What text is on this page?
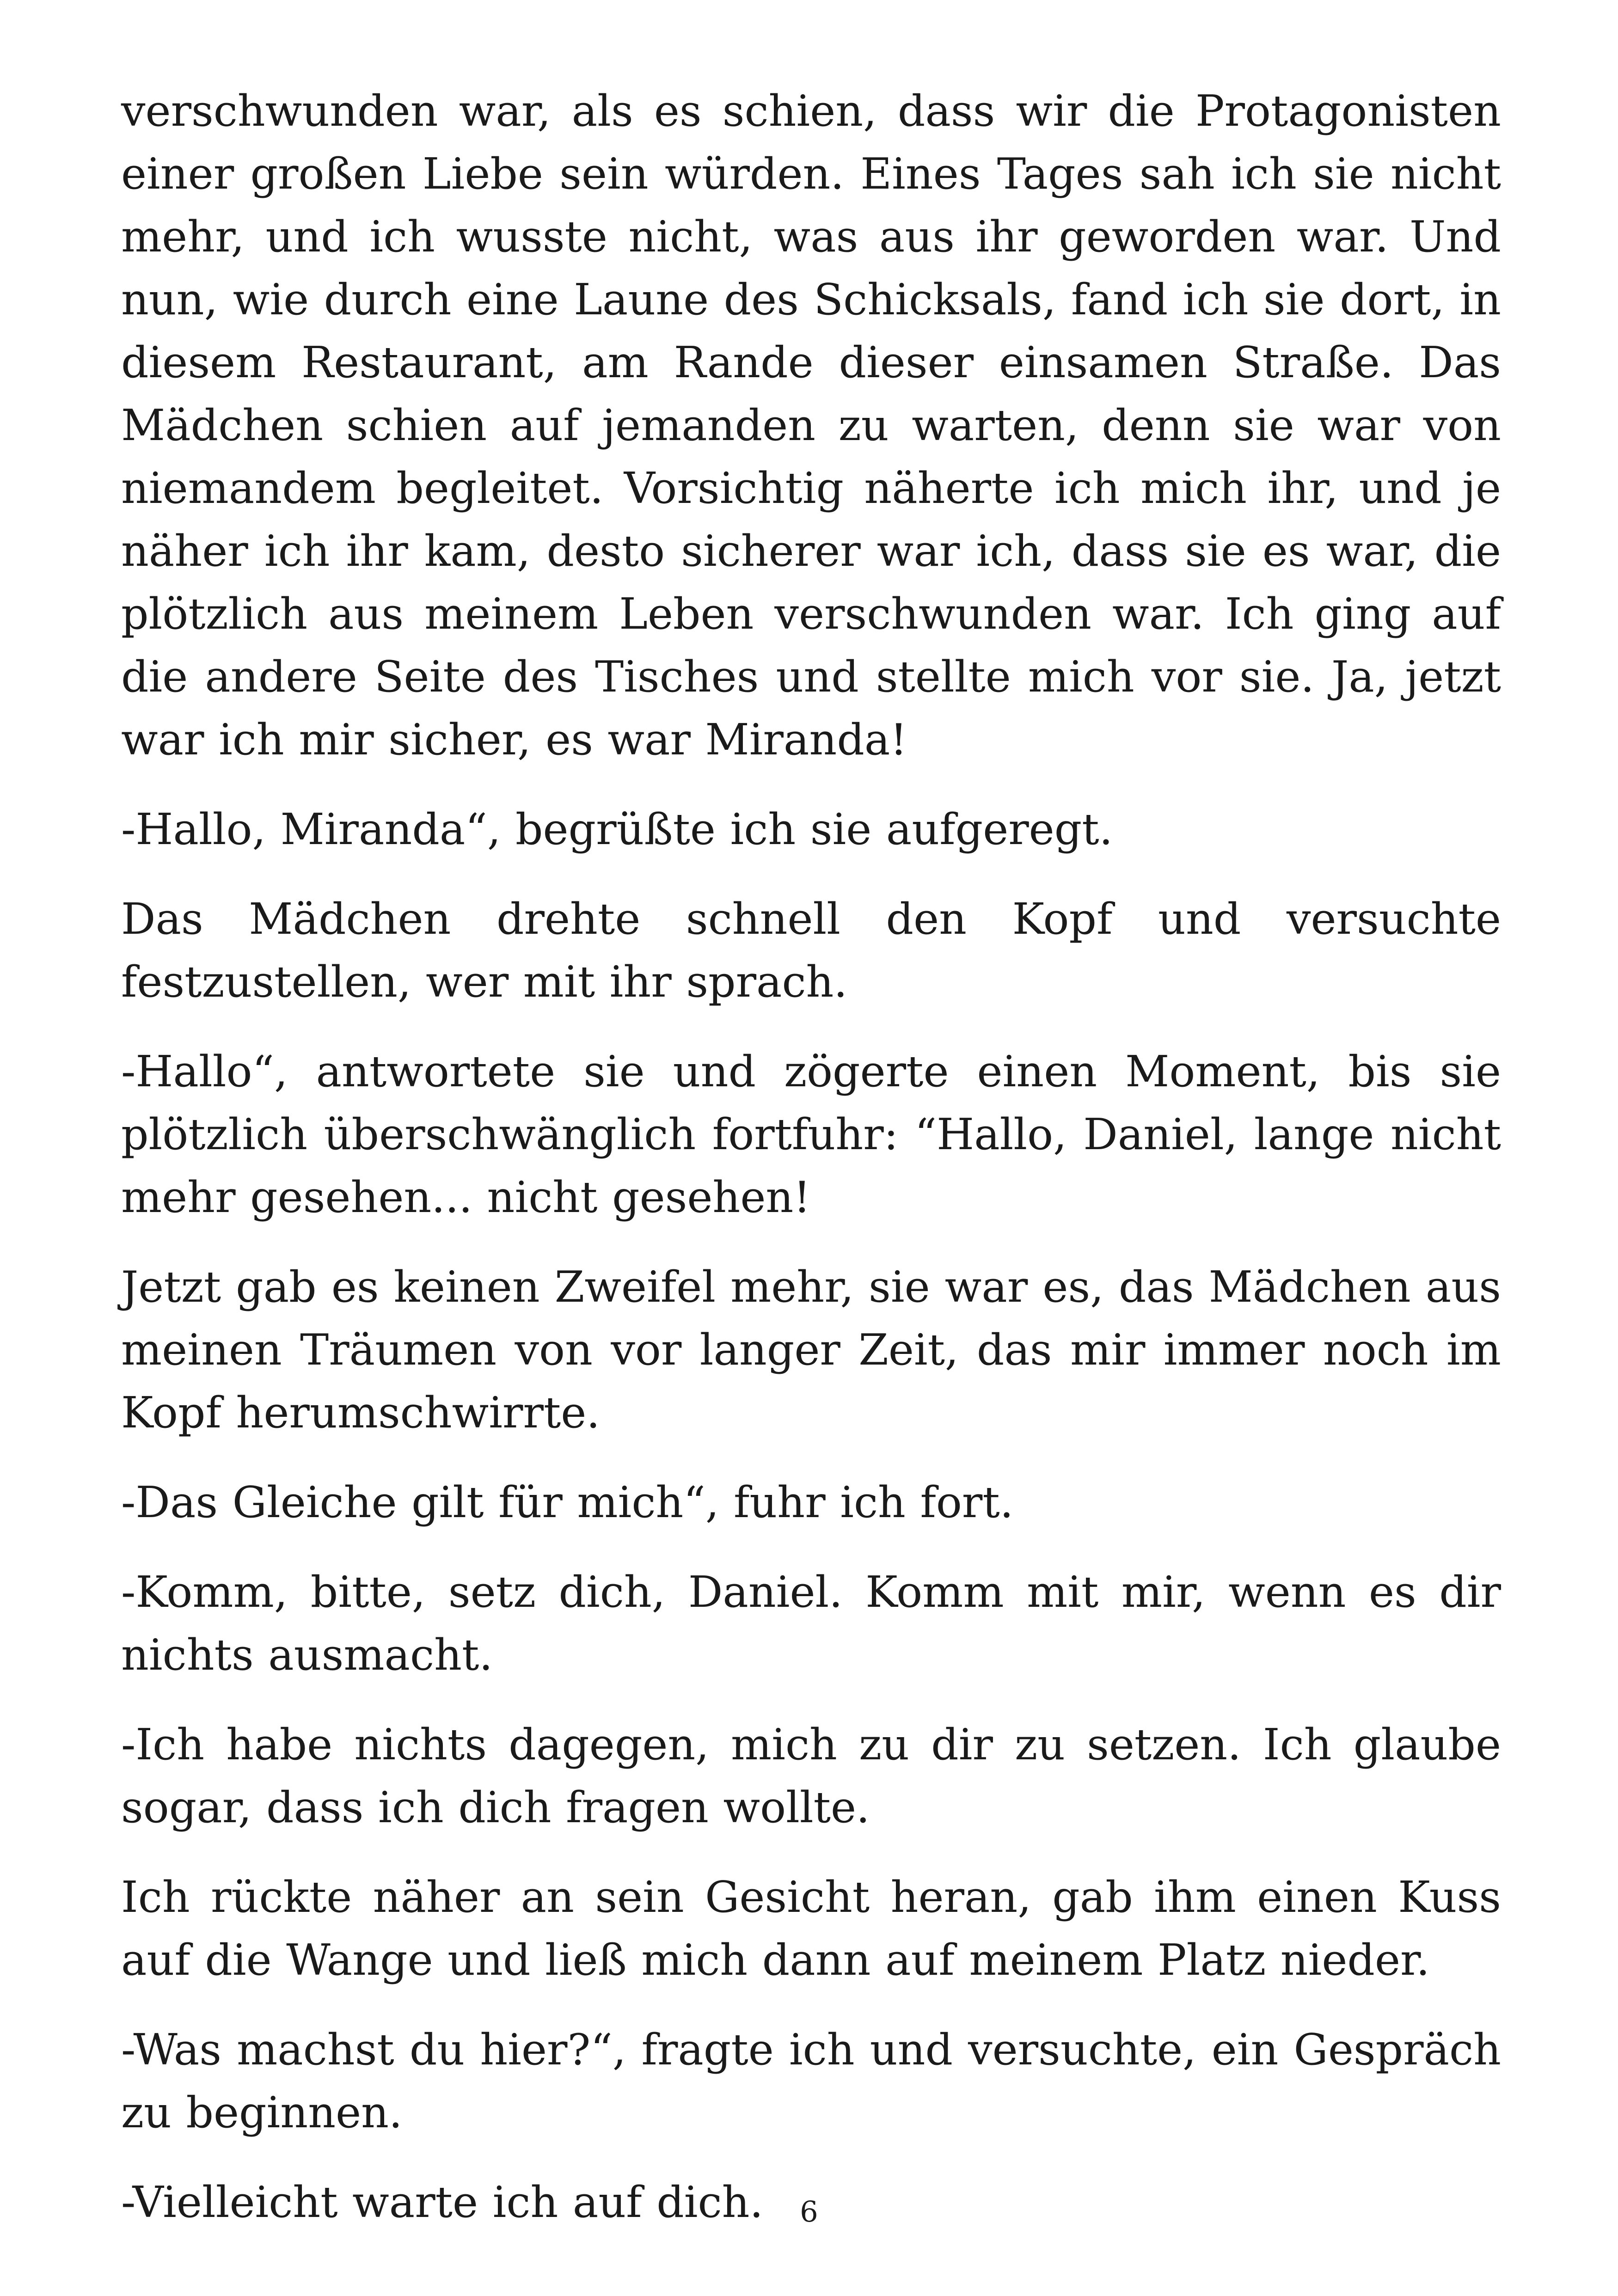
verschwunden war, als es schien, dass wir die Protagonisten einer großen Liebe sein würden. Eines Tages sah ich sie nicht mehr, und ich wusste nicht, was aus ihr geworden war. Und nun, wie durch eine Laune des Schicksals, fand ich sie dort, in diesem Restaurant, am Rande dieser einsamen Straße. Das Mädchen schien auf jemanden zu warten, denn sie war von niemandem begleitet. Vorsichtig näherte ich mich ihr, und je näher ich ihr kam, desto sicherer war ich, dass sie es war, die plötzlich aus meinem Leben verschwunden war. Ich ging auf die andere Seite des Tisches und stellte mich vor sie. Ja, jetzt war ich mir sicher, es war Miranda!

-Hallo, Miranda“, begrüßte ich sie aufgeregt.

Das Mädchen drehte schnell den Kopf und versuchte festzustellen, wer mit ihr sprach.

-Hallo“, antwortete sie und zögerte einen Moment, bis sie plötzlich überschwänglich fortfuhr: “Hallo, Daniel, lange nicht mehr gesehen... nicht gesehen!

Jetzt gab es keinen Zweifel mehr, sie war es, das Mädchen aus meinen Träumen von vor langer Zeit, das mir immer noch im Kopf herumschwirrte.

-Das Gleiche gilt für mich“, fuhr ich fort.

-Komm, bitte, setz dich, Daniel. Komm mit mir, wenn es dir nichts ausmacht.

-Ich habe nichts dagegen, mich zu dir zu setzen. Ich glaube sogar, dass ich dich fragen wollte.

Ich rückte näher an sein Gesicht heran, gab ihm einen Kuss auf die Wange und ließ mich dann auf meinem Platz nieder.

-Was machst du hier?“, fragte ich und versuchte, ein Gespräch zu beginnen.

-Vielleicht warte ich auf dich.	6
